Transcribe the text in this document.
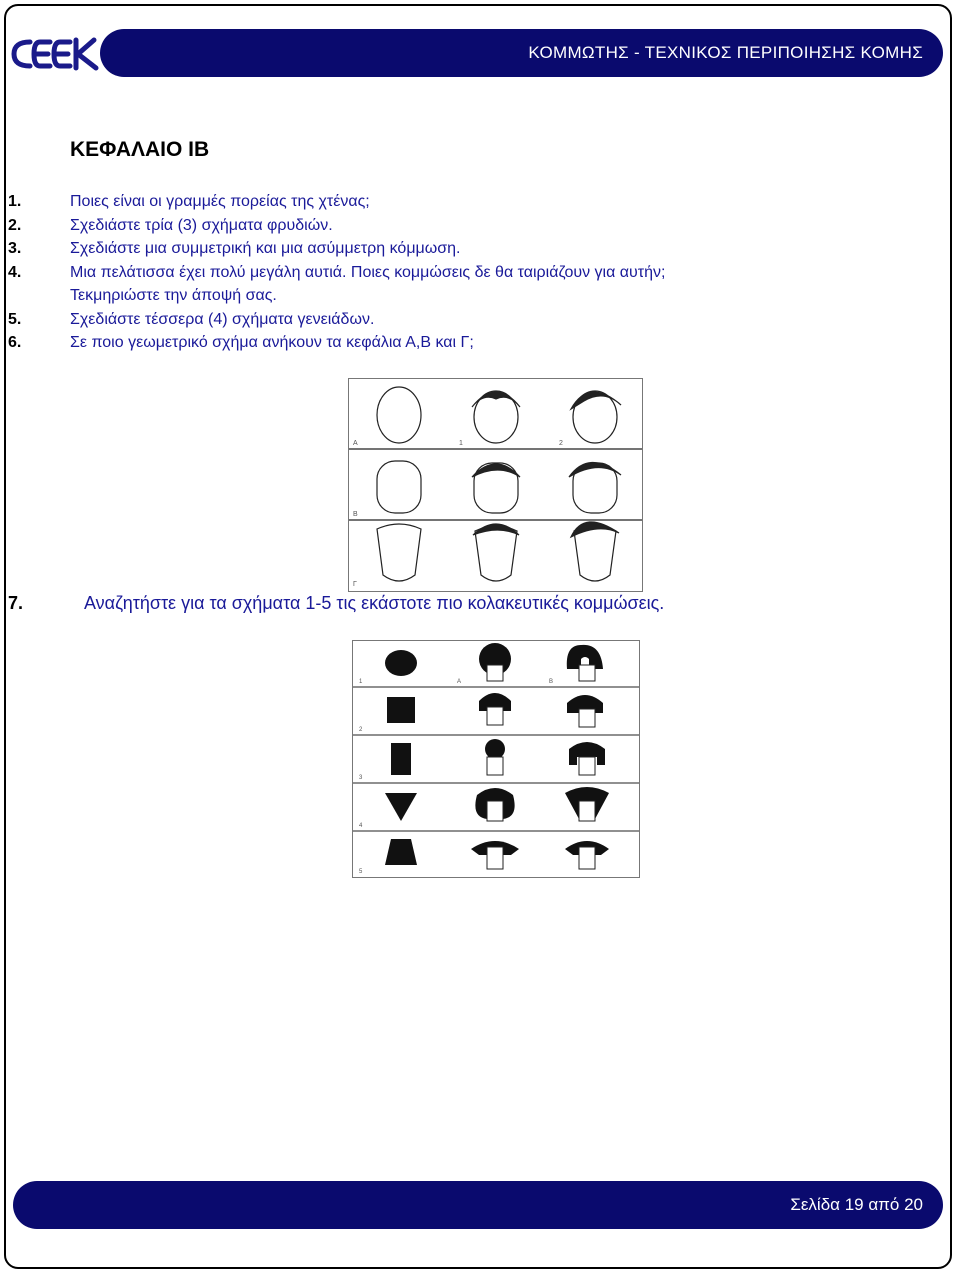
ΚΟΜΜΩΤΗΣ - ΤΕΧΝΙΚΟΣ ΠΕΡΙΠΟΙΗΣΗΣ ΚΟΜΗΣ
ΚΕΦΑΛΑΙΟ ΙΒ
1.	Ποιες είναι οι γραμμές πορείας της χτένας;
2.	Σχεδιάστε τρία (3) σχήματα φρυδιών.
3.	Σχεδιάστε μια συμμετρική και μια ασύμμετρη κόμμωση.
4.	Μια πελάτισσα έχει πολύ μεγάλη αυτιά. Ποιες κομμώσεις δε θα ταιριάζουν για αυτήν;
Τεκμηριώστε την άποψή σας.
5.	Σχεδιάστε τέσσερα (4) σχήματα γενειάδων.
6.	Σε ποιο γεωμετρικό σχήμα ανήκουν τα κεφάλια Α,Β και Γ;
A
B
Γ
1	2
7.	Αναζητήστε για τα σχήματα 1-5 τις εκάστοτε πιο κολακευτικές κομμώσεις.
1
2
3
4
5
A	B
Σελίδα 19 από 20
